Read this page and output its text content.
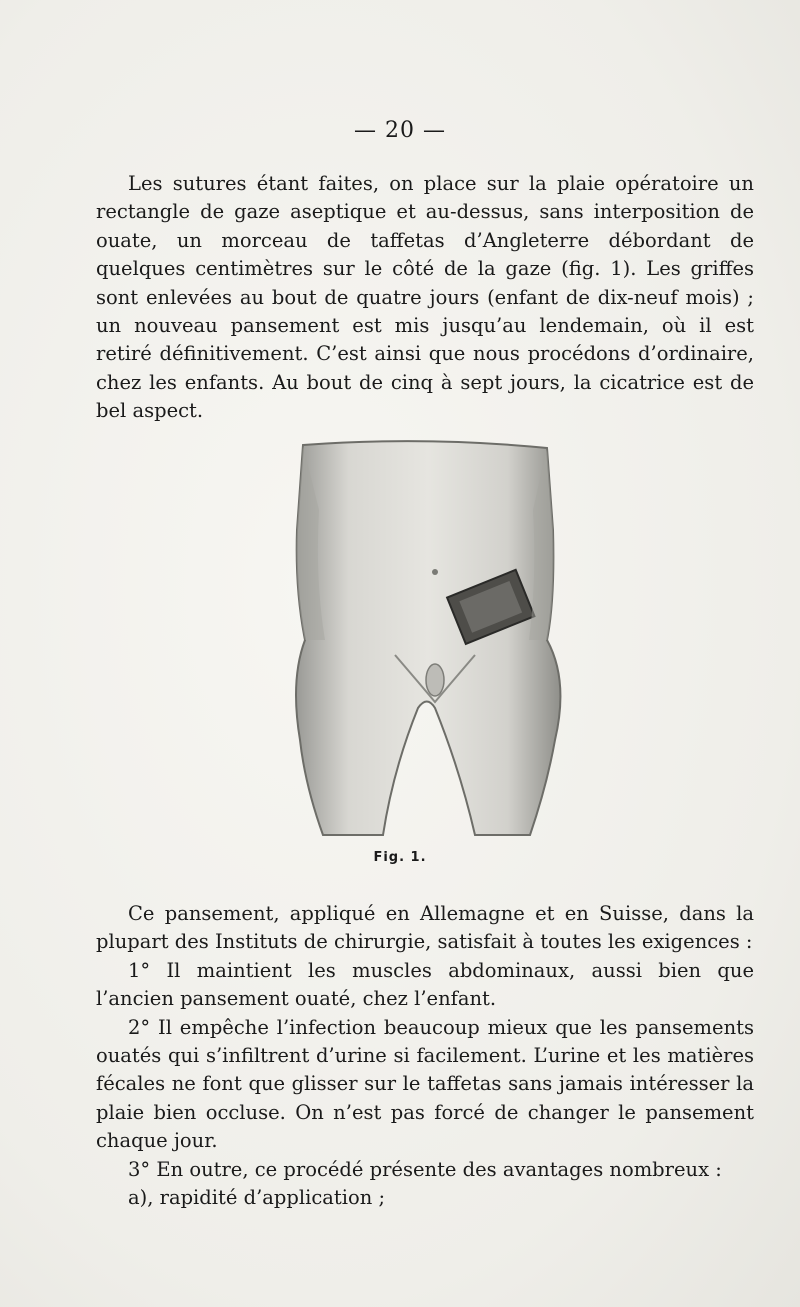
— 20 —

Les sutures étant faites, on place sur la plaie opératoire un rectangle de gaze aseptique et au-dessus, sans interposition de ouate, un morceau de taffetas d’Angleterre débordant de quelques centimètres sur le côté de la gaze (fig. 1). Les griffes sont enlevées au bout de quatre jours (enfant de dix-neuf mois) ; un nouveau pansement est mis jusqu’au lendemain, où il est retiré définitivement. C’est ainsi que nous procédons d’ordinaire, chez les enfants. Au bout de cinq à sept jours, la cicatrice est de bel aspect.

Fig. 1.

Ce pansement, appliqué en Allemagne et en Suisse, dans la plupart des Instituts de chirurgie, satisfait à toutes les exigences :

1° Il maintient les muscles abdominaux, aussi bien que l’ancien pansement ouaté, chez l’enfant.

2° Il empêche l’infection beaucoup mieux que les pansements ouatés qui s’infiltrent d’urine si facilement. L’urine et les matières fécales ne font que glisser sur le taffetas sans jamais intéresser la plaie bien occluse. On n’est pas forcé de changer le pansement chaque jour.

3° En outre, ce procédé présente des avantages nombreux :

a), rapidité d’application ;
